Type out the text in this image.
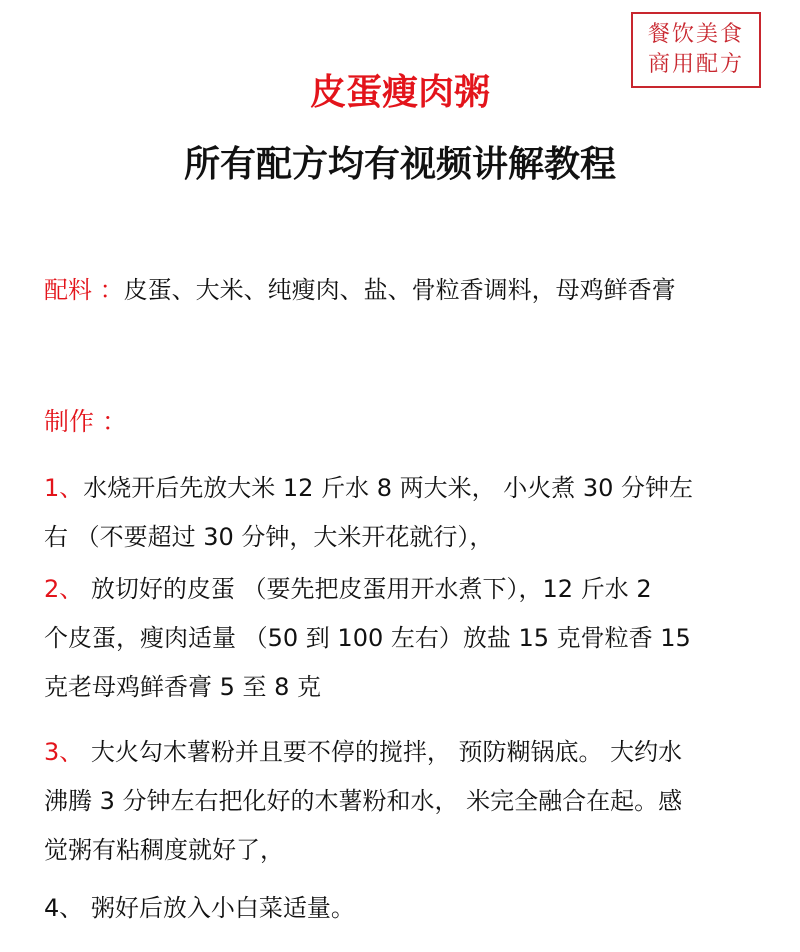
餐饮美食
商用配方
皮蛋瘦肉粥
所有配方均有视频讲解教程
配料 ：皮蛋、大米、纯瘦肉、盐、骨粒香调料，母鸡鲜香膏
制作 ：
1、水烧开后先放大米 12 斤水 8 两大米， 小火煮 30 分钟左
右 （不要超过 30 分钟，大米开花就行），
2、 放切好的皮蛋 （要先把皮蛋用开水煮下），12 斤水 2
个皮蛋，瘦肉适量 （50 到 100 左右）放盐 15 克骨粒香 15
克老母鸡鲜香膏 5 至 8 克
3、 大火勾木薯粉并且要不停的搅拌， 预防糊锅底。 大约水
沸腾 3 分钟左右把化好的木薯粉和水， 米完全融合在起。感
觉粥有粘稠度就好了，
4、 粥好后放入小白菜适量。
